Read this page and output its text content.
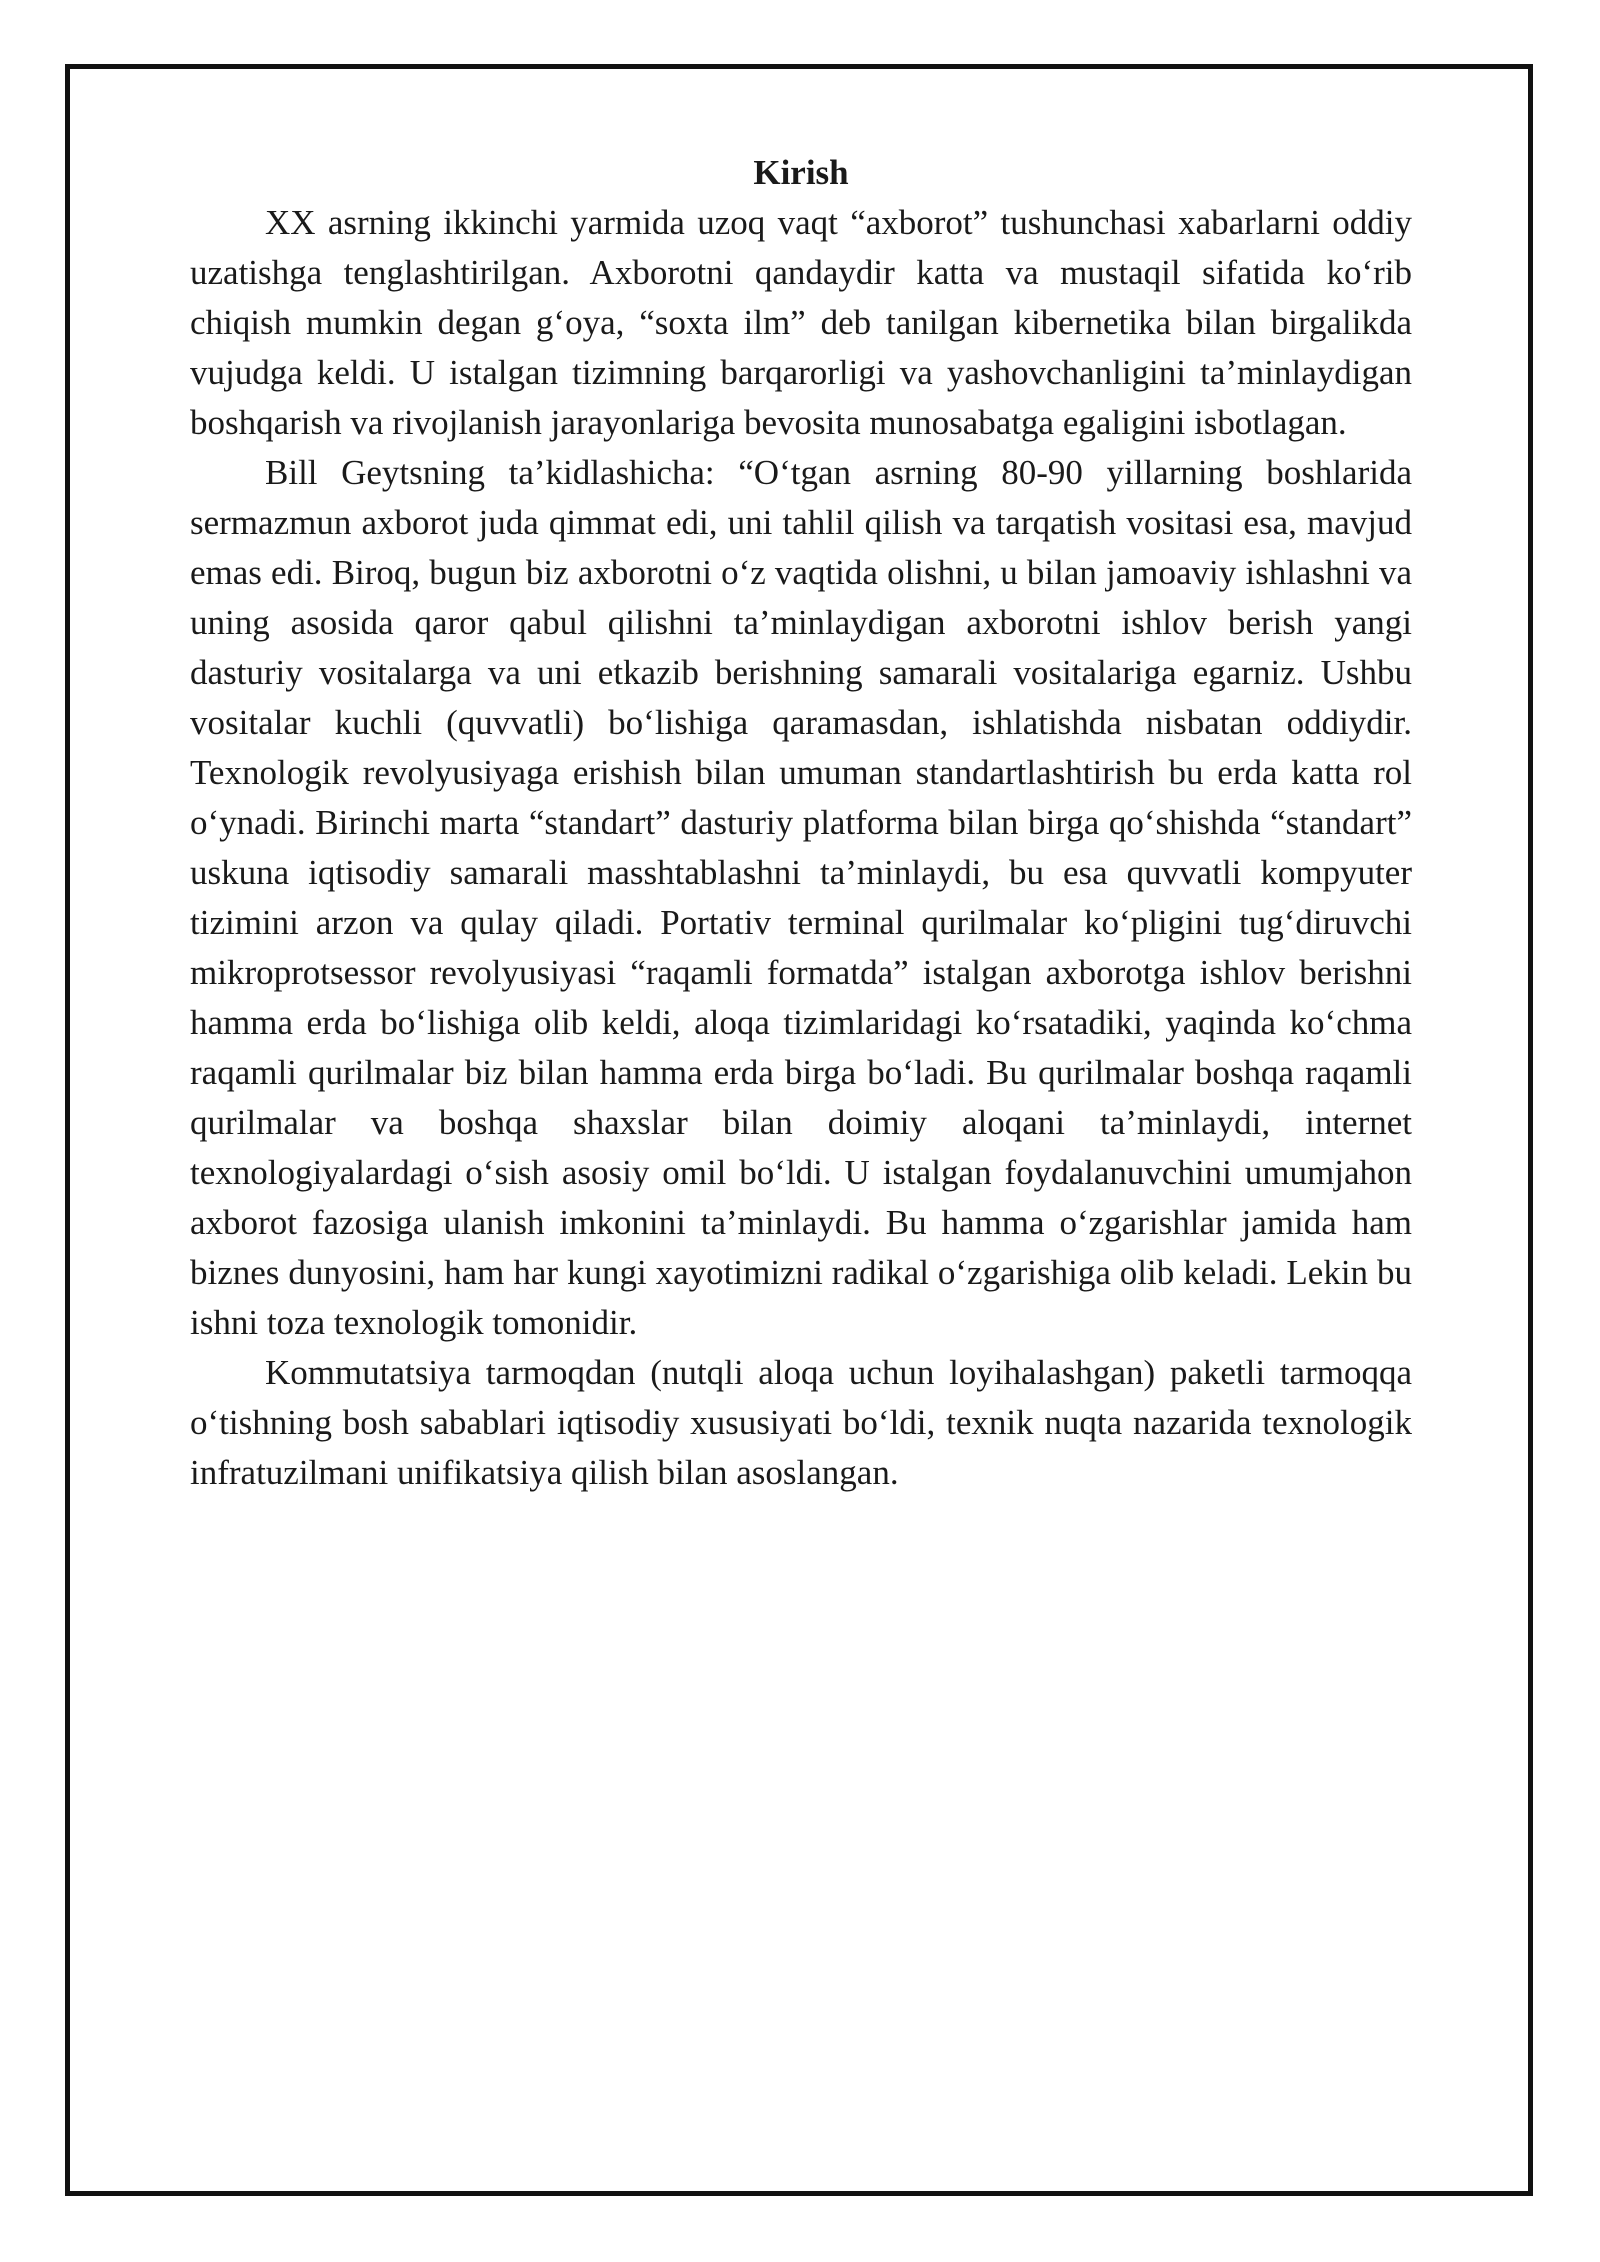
Kirish

XX asrning ikkinchi yarmida uzoq vaqt “axborot” tushunchasi xabarlarni oddiy uzatishga tenglashtirilgan. Axborotni qandaydir katta va mustaqil sifatida ko‘rib chiqish mumkin degan g‘oya, “soxta ilm” deb tanilgan kibernetika bilan birgalikda vujudga keldi. U istalgan tizimning barqarorligi va yashovchanligini ta’minlaydigan boshqarish va rivojlanish jarayonlariga bevosita munosabatga egaligini isbotlagan.

Bill Geytsning ta’kidlashicha: “O‘tgan asrning 80-90 yillarning boshlarida sermazmun axborot juda qimmat edi, uni tahlil qilish va tarqatish vositasi esa, mavjud emas edi. Biroq, bugun biz axborotni o‘z vaqtida olishni, u bilan jamoaviy ishlashni va uning asosida qaror qabul qilishni ta’minlaydigan axborotni ishlov berish yangi dasturiy vositalarga va uni etkazib berishning samarali vositalariga egarniz. Ushbu vositalar kuchli (quvvatli) bo‘lishiga qaramasdan, ishlatishda nisbatan oddiydir. Texnologik revolyusiyaga erishish bilan umuman standartlashtirish bu erda katta rol o‘ynadi. Birinchi marta “standart” dasturiy platforma bilan birga qo‘shishda “standart” uskuna iqtisodiy samarali masshtablashni ta’minlaydi, bu esa quvvatli kompyuter tizimini arzon va qulay qiladi. Portativ terminal qurilmalar ko‘pligini tug‘diruvchi mikroprotsessor revolyusiyasi “raqamli formatda” istalgan axborotga ishlov berishni hamma erda bo‘lishiga olib keldi, aloqa tizimlaridagi ko‘rsatadiki, yaqinda ko‘chma raqamli qurilmalar biz bilan hamma erda birga bo‘ladi. Bu qurilmalar boshqa raqamli qurilmalar va boshqa shaxslar bilan doimiy aloqani ta’minlaydi, internet texnologiyalardagi o‘sish asosiy omil bo‘ldi. U istalgan foydalanuvchini umumjahon axborot fazosiga ulanish imkonini ta’minlaydi. Bu hamma o‘zgarishlar jamida ham biznes dunyosini, ham har kungi xayotimizni radikal o‘zgarishiga olib keladi. Lekin bu ishni toza texnologik tomonidir.

Kommutatsiya tarmoqdan (nutqli aloqa uchun loyihalashgan) paketli tarmoqqa o‘tishning bosh sabablari iqtisodiy xususiyati bo‘ldi, texnik nuqta nazarida texnologik infratuzilmani unifikatsiya qilish bilan asoslangan.
